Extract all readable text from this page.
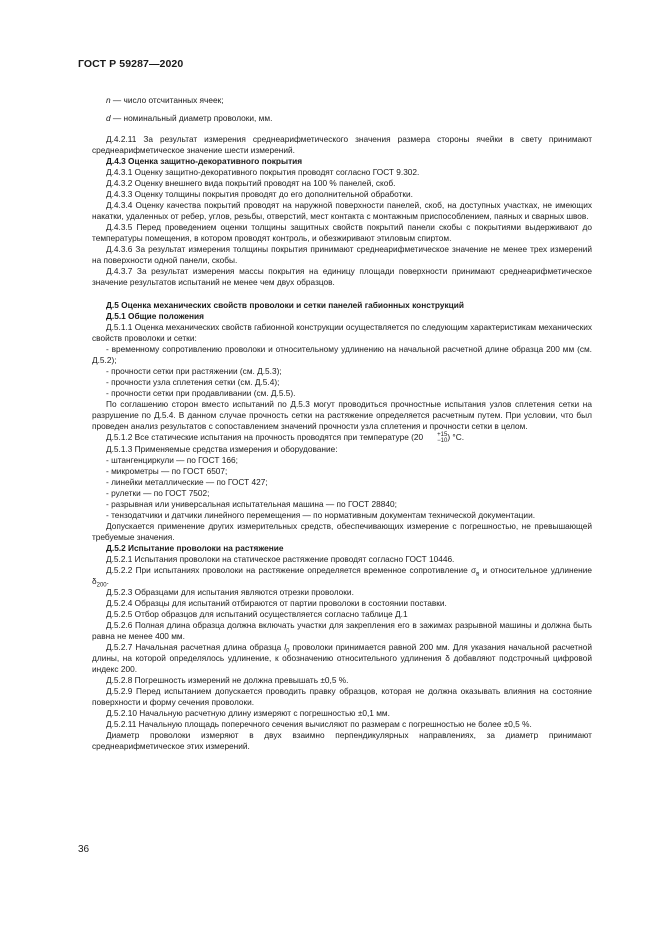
ГОСТ Р 59287—2020

n — число отсчитанных ячеек;

d — номинальный диаметр проволоки, мм.

Д.4.2.11 За результат измерения среднеарифметического значения размера стороны ячейки в свету принимают среднеарифметическое значение шести измерений.

Д.4.3 Оценка защитно-декоративного покрытия

Д.4.3.1 Оценку защитно-декоративного покрытия проводят согласно ГОСТ 9.302.

Д.4.3.2 Оценку внешнего вида покрытий проводят на 100 % панелей, скоб.

Д.4.3.3 Оценку толщины покрытия проводят до его дополнительной обработки.

Д.4.3.4 Оценку качества покрытий проводят на наружной поверхности панелей, скоб, на доступных участках, не имеющих накатки, удаленных от ребер, углов, резьбы, отверстий, мест контакта с монтажным приспособлением, паяных и сварных швов.

Д.4.3.5 Перед проведением оценки толщины защитных свойств покрытий панели скобы с покрытиями выдерживают до температуры помещения, в котором проводят контроль, и обезжиривают этиловым спиртом.

Д.4.3.6 За результат измерения толщины покрытия принимают среднеарифметическое значение не менее трех измерений на поверхности одной панели, скобы.

Д.4.3.7 За результат измерения массы покрытия на единицу площади поверхности принимают среднеарифметическое значение результатов испытаний не менее чем двух образцов.

Д.5 Оценка механических свойств проволоки и сетки панелей габионных конструкций

Д.5.1 Общие положения

Д.5.1.1 Оценка механических свойств габионной конструкции осуществляется по следующим характеристикам механических свойств проволоки и сетки:

- временному сопротивлению проволоки и относительному удлинению на начальной расчетной длине образца 200 мм (см. Д.5.2);

- прочности сетки при растяжении (см. Д.5.3);

- прочности узла сплетения сетки (см. Д.5.4);

- прочности сетки при продавливании (см. Д.5.5).

По соглашению сторон вместо испытаний по Д.5.3 могут проводиться прочностные испытания узлов сплетения сетки на разрушение по Д.5.4. В данном случае прочность сетки на растяжение определяется расчетным путем. При условии, что был проведен анализ результатов с сопоставлением значений прочности узла сплетения и прочности сетки в целом.

Д.5.1.2 Все статические испытания на прочность проводятся при температуре (20	+15
−10 ) °С.

Д.5.1.3 Применяемые средства измерения и оборудование:

- штангенциркули — по ГОСТ 166;

- микрометры — по ГОСТ 6507;

- линейки металлические — по ГОСТ 427;

- рулетки — по ГОСТ 7502;

- разрывная или универсальная испытательная машина — по ГОСТ 28840;

- тензодатчики и датчики линейного перемещения — по нормативным документам технической документации.

Допускается применение других измерительных средств, обеспечивающих измерение с погрешностью, не превышающей требуемые значения.

Д.5.2 Испытание проволоки на растяжение

Д.5.2.1 Испытания проволоки на статическое растяжение проводят согласно ГОСТ 10446.

Д.5.2.2 При испытаниях проволоки на растяжение определяется временное сопротивление $\sigma_в$ и относительное удлинение $\delta_{200}$.

Д.5.2.3 Образцами для испытания являются отрезки проволоки.

Д.5.2.4 Образцы для испытаний отбираются от партии проволоки в состоянии поставки.

Д.5.2.5 Отбор образцов для испытаний осуществляется согласно таблице Д.1

Д.5.2.6 Полная длина образца должна включать участки для закрепления его в зажимах разрывной машины и должна быть равна не менее 400 мм.

Д.5.2.7 Начальная расчетная длина образца $l_0$ проволоки принимается равной 200 мм. Для указания начальной расчетной длины, на которой определялось удлинение, к обозначению относительного удлинения δ добавляют подстрочный цифровой индекс 200.

Д.5.2.8 Погрешность измерений не должна превышать ±0,5 %.

Д.5.2.9 Перед испытанием допускается проводить правку образцов, которая не должна оказывать влияния на состояние поверхности и форму сечения проволоки.

Д.5.2.10 Начальную расчетную длину измеряют с погрешностью ±0,1 мм.

Д.5.2.11 Начальную площадь поперечного сечения вычисляют по размерам с погрешностью не более ±0,5 %.

Диаметр проволоки измеряют в двух взаимно перпендикулярных направлениях, за диаметр принимают среднеарифметическое этих измерений.

36
